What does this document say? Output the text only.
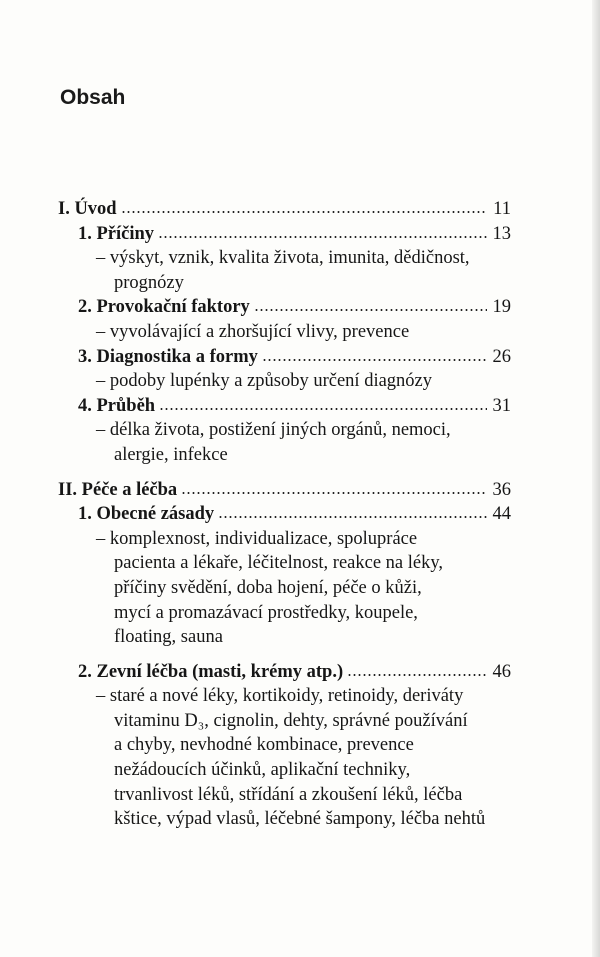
Obsah
I. Úvod	11
1. Příčiny	13
– výskyt, vznik, kvalita života, imunita, dědičnost,
prognózy
2. Provokační faktory	19
– vyvolávající a zhoršující vlivy, prevence
3. Diagnostika a formy	26
– podoby lupénky a způsoby určení diagnózy
4. Průběh	31
– délka života, postižení jiných orgánů, nemoci,
alergie, infekce
II. Péče a léčba	36
1. Obecné zásady	44
– komplexnost, individualizace, spolupráce
pacienta a lékaře, léčitelnost, reakce na léky,
příčiny svědění, doba hojení, péče o kůži,
mycí a promazávací prostředky, koupele,
floating, sauna
2. Zevní léčba (masti, krémy atp.)	46
– staré a nové léky, kortikoidy, retinoidy, deriváty
vitaminu D₃, cignolin, dehty, správné používání
a chyby, nevhodné kombinace, prevence
nežádoucích účinků, aplikační techniky,
trvanlivost léků, střídání a zkoušení léků, léčba
kštice, výpad vlasů, léčebné šampony, léčba nehtů
